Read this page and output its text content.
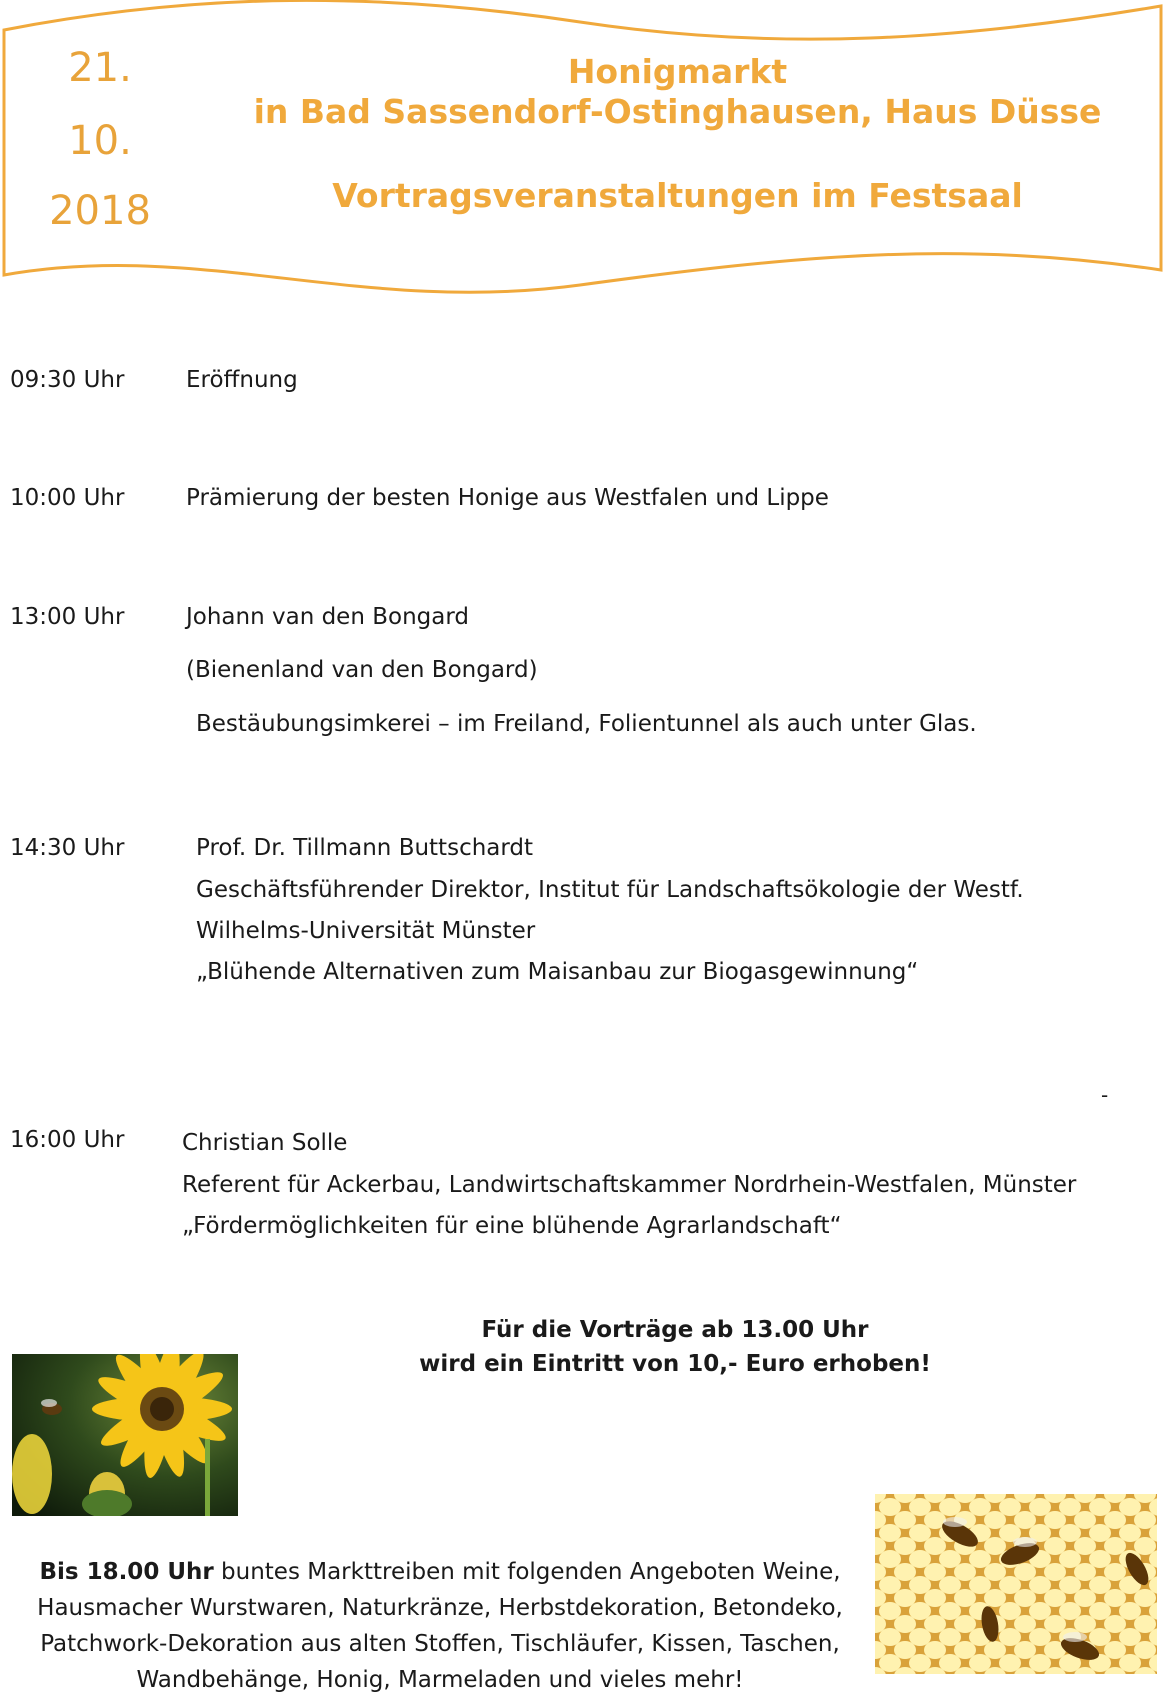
21.
10.
2018
Honigmarkt
in Bad Sassendorf-Ostinghausen, Haus Düsse
Vortragsveranstaltungen im Festsaal
09:30 Uhr	Eröffnung
10:00 Uhr	Prämierung der besten Honige aus Westfalen und Lippe
13:00 Uhr	Johann van den Bongard
(Bienenland van den Bongard)
Bestäubungsimkerei – im Freiland, Folientunnel als auch unter Glas.
14:30 Uhr	Prof. Dr. Tillmann Buttschardt
Geschäftsführender Direktor, Institut für Landschaftsökologie der Westf.
Wilhelms-Universität Münster
„Blühende Alternativen zum Maisanbau zur Biogasgewinnung“
-
16:00 Uhr	Christian Solle
Referent für Ackerbau, Landwirtschaftskammer Nordrhein-Westfalen, Münster
„Fördermöglichkeiten für eine blühende Agrarlandschaft“
Für die Vorträge ab 13.00 Uhr
wird ein Eintritt von 10,- Euro erhoben!
Bis 18.00 Uhr buntes Markttreiben mit folgenden Angeboten Weine,
Hausmacher Wurstwaren, Naturkränze, Herbstdekoration, Betondeko,
Patchwork-Dekoration aus alten Stoffen, Tischläufer, Kissen, Taschen,
Wandbehänge, Honig, Marmeladen und vieles mehr!
